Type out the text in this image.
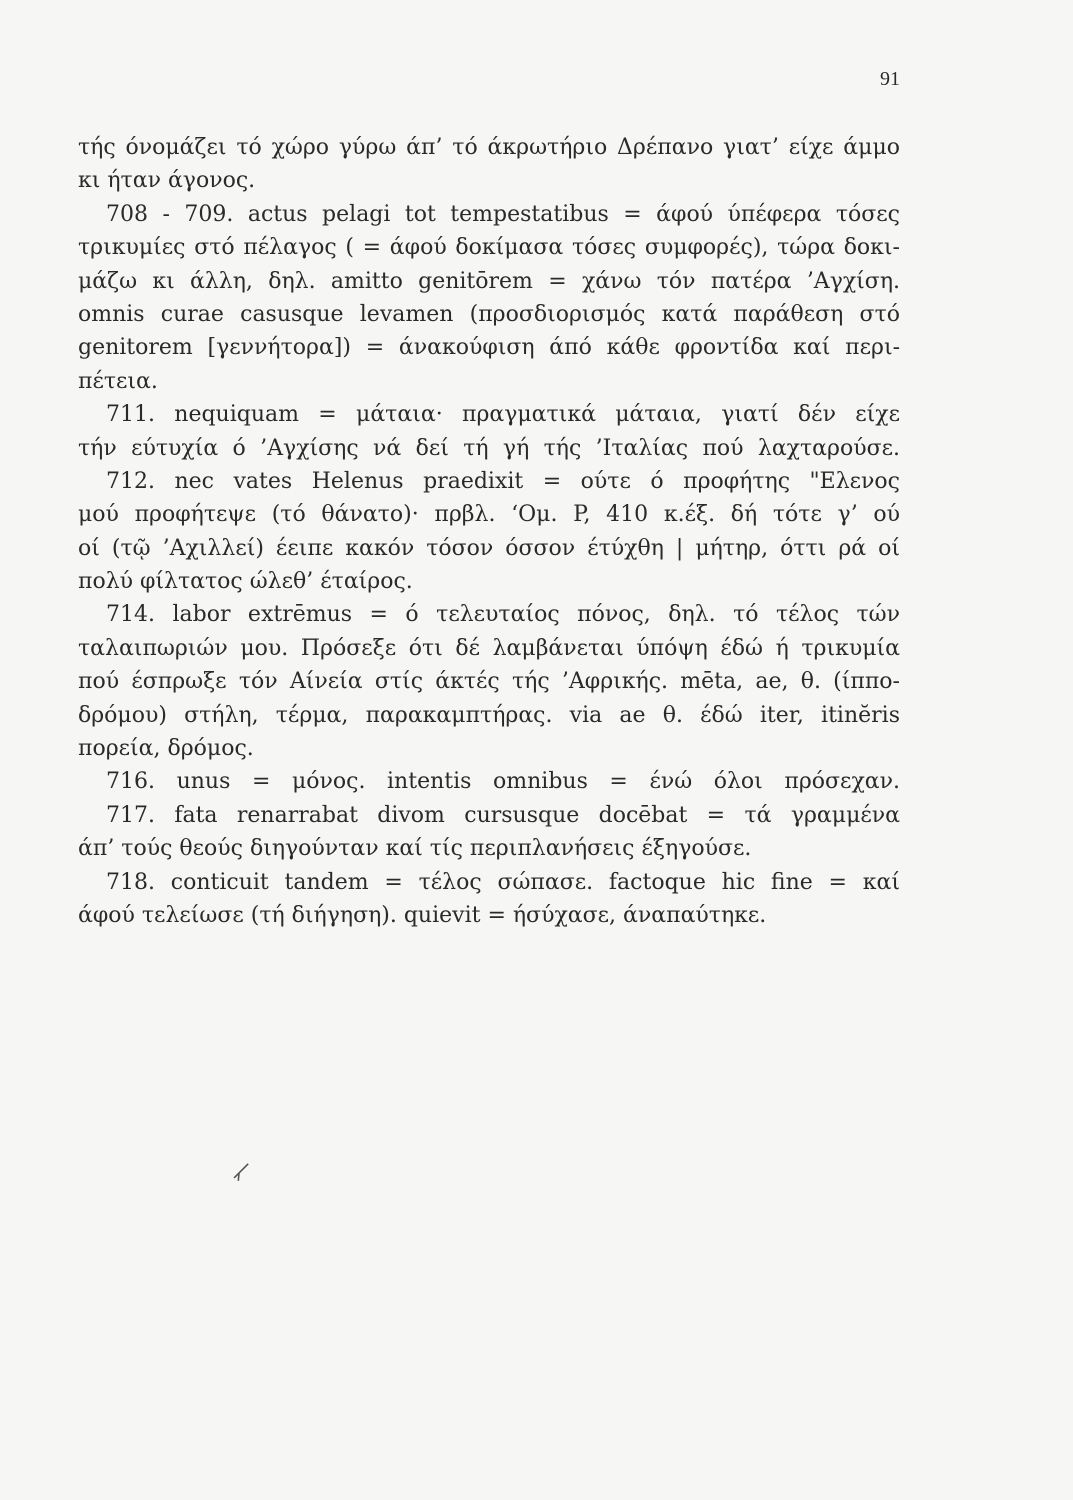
91
τής όνομάζει τό χώρο γύρω άπ’ τό άκρωτήριο Δρέπανο γιατ’ είχε άμμο
κι ήταν άγονος.
708 - 709. actus pelagi tot tempestatibus = άφού ύπέφερα τόσες
τρικυμίες στό πέλαγος ( = άφού δοκίμασα τόσες συμφορές), τώρα δοκι-
μάζω κι άλλη, δηλ. amitto genitōrem = χάνω τόν πατέρα ’Αγχίση.
omnis curae casusque levamen (προσδιορισμός κατά παράθεση στό
genitorem [γεννήτορα]) = άνακούφιση άπό κάθε φροντίδα καί περι-
πέτεια.
711. nequiquam = μάταια· πραγματικά μάταια, γιατί δέν είχε
τήν εύτυχία ό ’Αγχίσης νά δεί τή γή τής ’Ιταλίας πού λαχταρούσε.
712. nec vates Helenus praedixit = ούτε ό προφήτης "Ελενος
μού προφήτεψε (τό θάνατο)· πρβλ. ‘Ομ. P, 410 κ.έξ. δή τότε γ’ ού
οί (τῷ ’Αχιλλεί) έειπε κακόν τόσον όσσον έτύχθη | μήτηρ, όττι ρά οί
πολύ φίλτατος ώλεθ’ έταίρος.
714. labor extrēmus = ό τελευταίος πόνος, δηλ. τό τέλος τών
ταλαιπωριών μου. Πρόσεξε ότι δέ λαμβάνεται ύπόψη έδώ ή τρικυμία
πού έσπρωξε τόν Αίνεία στίς άκτές τής ’Αφρικής. mēta, ae, θ. (ίππο-
δρόμου) στήλη, τέρμα, παρακαμπτήρας. via ae θ. έδώ iter, itinĕris
πορεία, δρόμος.
716. unus = μόνος. intentis omnibus = ένώ όλοι πρόσεχαν.
717. fata renarrabat divom cursusque docēbat = τά γραμμένα
άπ’ τούς θεούς διηγούνταν καί τίς περιπλανήσεις έξηγούσε.
718. conticuit tandem = τέλος σώπασε. factoque hic fine = καί
άφού τελείωσε (τή διήγηση). quievit = ήσύχασε, άναπαύτηκε.
